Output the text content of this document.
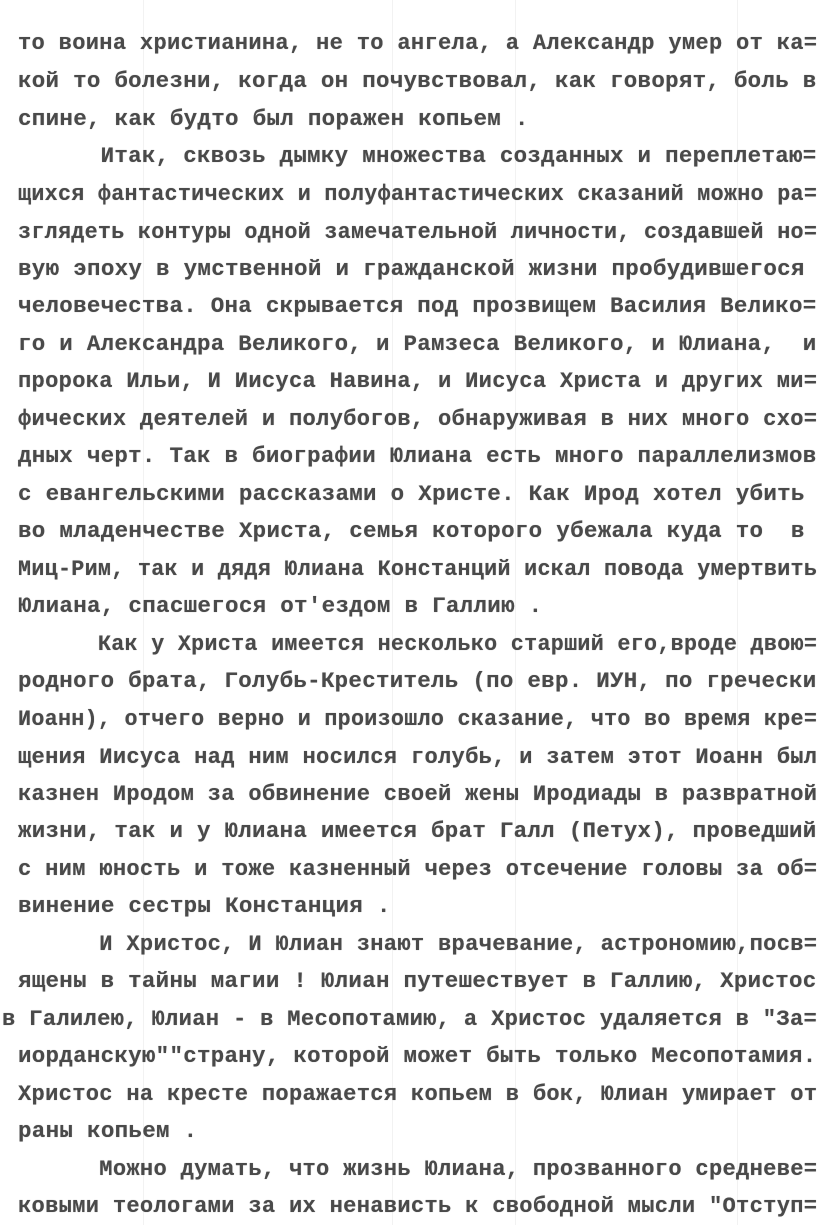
то воина христианина, не то ангела, а Александр умер от ка=
кой то болезни, когда он почувствовал, как говорят, боль в
спине, как будто был поражен копьем .
Итак, сквозь дымку множества созданных и переплетаю=
щихся фантастических и полуфантастических сказаний можно ра=
зглядеть контуры одной замечательной личности, создавшей но=
вую эпоху в умственной и гражданской жизни пробудившегося
человечества. Она скрывается под прозвищем Василия Велико=
го и Александра Великого, и Рамзеса Великого, и Юлиана,  и
пророка Ильи, И Иисуса Навина, и Иисуса Христа и других ми=
фических деятелей и полубогов, обнаруживая в них много схо=
дных черт. Так в биографии Юлиана есть много параллелизмов
с евангельскими рассказами о Христе. Как Ирод хотел убить
во младенчестве Христа, семья которого убежала куда то  в
Миц-Рим, так и дядя Юлиана Констанций искал повода умертвить
Юлиана, спасшегося от'ездом в Галлию .
Как у Христа имеется несколько старший его,вроде двою=
родного брата, Голубь-Креститель (по евр. ИУН, по гречески
Иоанн), отчего верно и произошло сказание, что во время кре=
щения Иисуса над ним носился голубь, и затем этот Иоанн был
казнен Иродом за обвинение своей жены Иродиады в развратной
жизни, так и у Юлиана имеется брат Галл (Петух), проведший
с ним юность и тоже казненный через отсечение головы за об=
винение сестры Констанция .
И Христос, И Юлиан знают врачевание, астрономию,посв=
ящены в тайны магии ! Юлиан путешествует в Галлию, Христос
в Галилею, Юлиан - в Месопотамию, а Христос удаляется в "За=
иорданскую""страну, которой может быть только Месопотамия.
Христос на кресте поражается копьем в бок, Юлиан умирает от
раны копьем .
Можно думать, что жизнь Юлиана, прозванного средневе=
ковыми теологами за их ненависть к свободной мысли "Отступ=
